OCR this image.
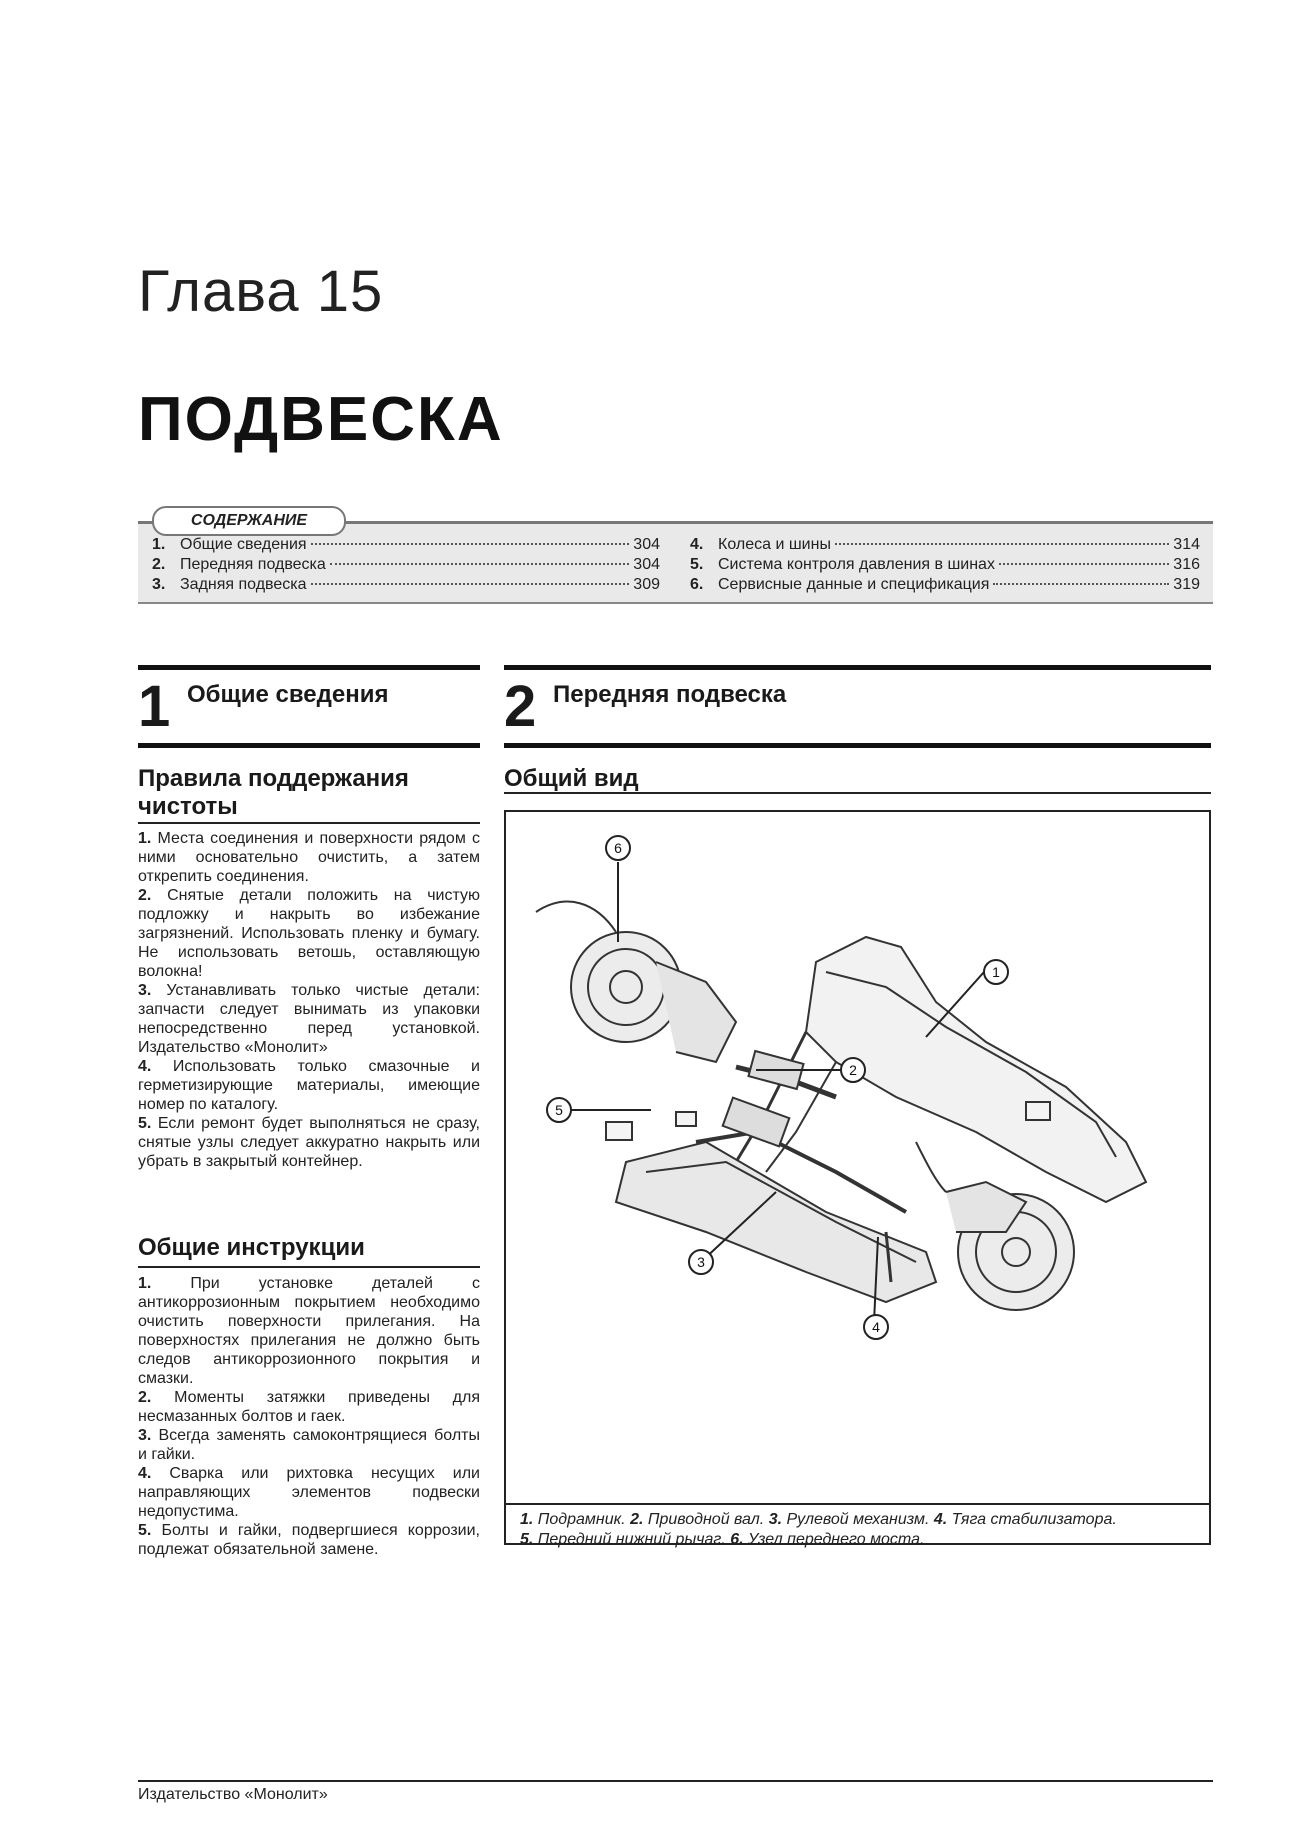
Глава 15
ПОДВЕСКА
СОДЕРЖАНИЕ
1. Общие сведения	304
2. Передняя подвеска	304
3. Задняя подвеска	309
4. Колеса и шины	314
5. Система контроля давления в шинах	316
6. Сервисные данные и спецификация	319
1 Общие сведения
Правила поддержания
чистоты

1. Места соединения и поверхности рядом с ними основательно очистить, а затем открепить соединения.

2. Снятые детали положить на чистую подложку и накрыть во избежание загрязнений. Использовать пленку и бумагу. Не использовать ветошь, оставляющую волокна!

3. Устанавливать только чистые детали: запчасти следует вынимать из упаковки непосредственно перед установкой. Издательство «Монолит»

4. Использовать только смазочные и герметизирующие материалы, имеющие номер по каталогу.

5. Если ремонт будет выполняться не сразу, снятые узлы следует аккуратно накрыть или убрать в закрытый контейнер.

Общие инструкции

1. При установке деталей с антикоррозионным покрытием необходимо очистить поверхности прилегания. На поверхностях прилегания не должно быть следов антикоррозионного покрытия и смазки.

2. Моменты затяжки приведены для несмазанных болтов и гаек.

3. Всегда заменять самоконтрящиеся болты и гайки.

4. Сварка или рихтовка несущих или направляющих элементов подвески недопустима.

5. Болты и гайки, подвергшиеся коррозии, подлежат обязательной замене.

2 Передняя подвеска
Общий вид
1
2
3
4
5
6
1. Подрамник. 2. Приводной вал. 3. Рулевой механизм. 4. Тяга стабилизатора.
5. Передний нижний рычаг. 6. Узел переднего моста.
Издательство «Монолит»
